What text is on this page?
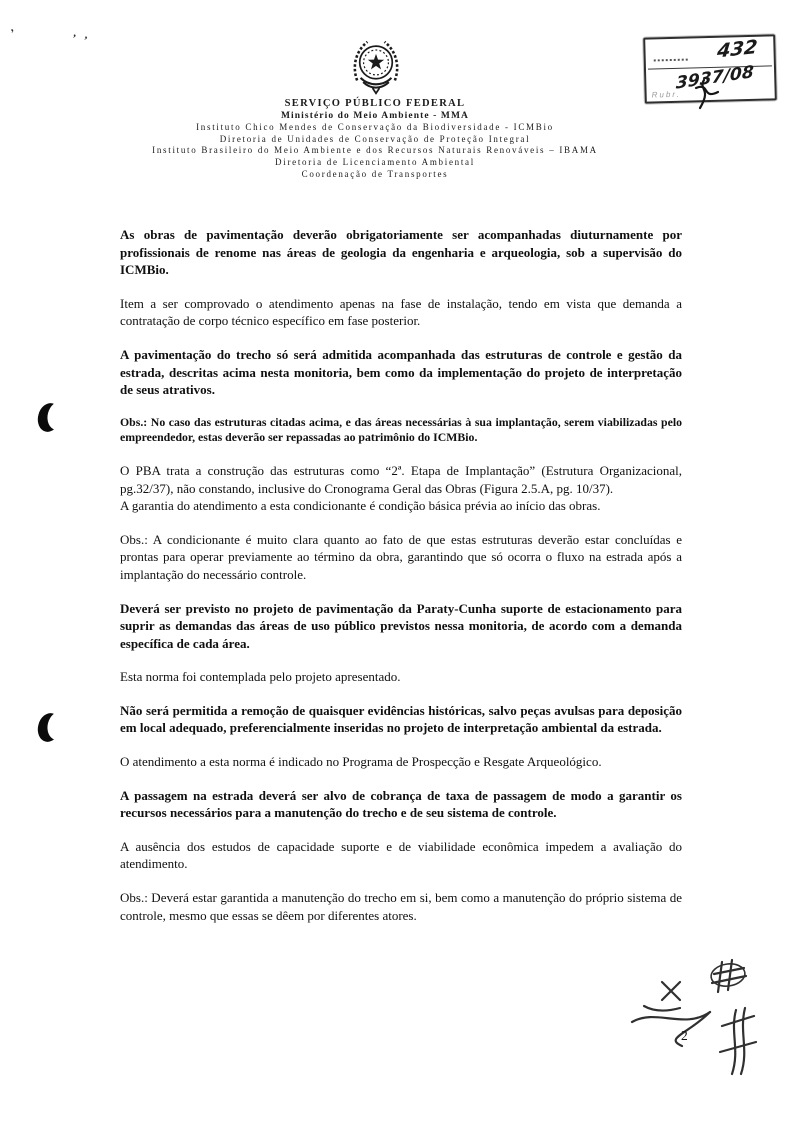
SERVIÇO PÚBLICO FEDERAL
Ministério do Meio Ambiente - MMA
Instituto Chico Mendes de Conservação da Biodiversidade - ICMBio
Diretoria de Unidades de Conservação de Proteção Integral
Instituto Brasileiro do Meio Ambiente e dos Recursos Naturais Renováveis – IBAMA
Diretoria de Licenciamento Ambiental
Coordenação de Transportes
432
3937/08
Rubr.
,
’ ’

As obras de pavimentação deverão obrigatoriamente ser acompanhadas diuturnamente por profissionais de renome nas áreas de geologia da engenharia e arqueologia, sob a supervisão do ICMBio.

Item a ser comprovado o atendimento apenas na fase de instalação, tendo em vista que demanda a contratação de corpo técnico específico em fase posterior.

A pavimentação do trecho só será admitida acompanhada das estruturas de controle e gestão da estrada, descritas acima nesta monitoria, bem como da implementação do projeto de interpretação de seus atrativos.

Obs.: No caso das estruturas citadas acima, e das áreas necessárias à sua implantação, serem viabilizadas pelo empreendedor, estas deverão ser repassadas ao patrimônio do ICMBio.

O PBA trata a construção das estruturas como “2ª. Etapa de Implantação” (Estrutura Organizacional, pg.32/37), não constando, inclusive do Cronograma Geral das Obras (Figura 2.5.A, pg. 10/37).

A garantia do atendimento a esta condicionante é condição básica prévia ao início das obras.

Obs.: A condicionante é muito clara quanto ao fato de que estas estruturas deverão estar concluídas e prontas para operar previamente ao término da obra, garantindo que só ocorra o fluxo na estrada após a implantação do necessário controle.

Deverá ser previsto no projeto de pavimentação da Paraty-Cunha suporte de estacionamento para suprir as demandas das áreas de uso público previstos nessa monitoria, de acordo com a demanda específica de cada área.

Esta norma foi contemplada pelo projeto apresentado.

Não será permitida a remoção de quaisquer evidências históricas, salvo peças avulsas para deposição em local adequado, preferencialmente inseridas no projeto de interpretação ambiental da estrada.

O atendimento a esta norma é indicado no Programa de Prospecção e Resgate Arqueológico.

A passagem na estrada deverá ser alvo de cobrança de taxa de passagem de modo a garantir os recursos necessários para a manutenção do trecho e de seu sistema de controle.

A ausência dos estudos de capacidade suporte e de viabilidade econômica impedem a avaliação do atendimento.

Obs.: Deverá estar garantida a manutenção do trecho em si, bem como a manutenção do próprio sistema de controle, mesmo que essas se dêem por diferentes atores.

2
